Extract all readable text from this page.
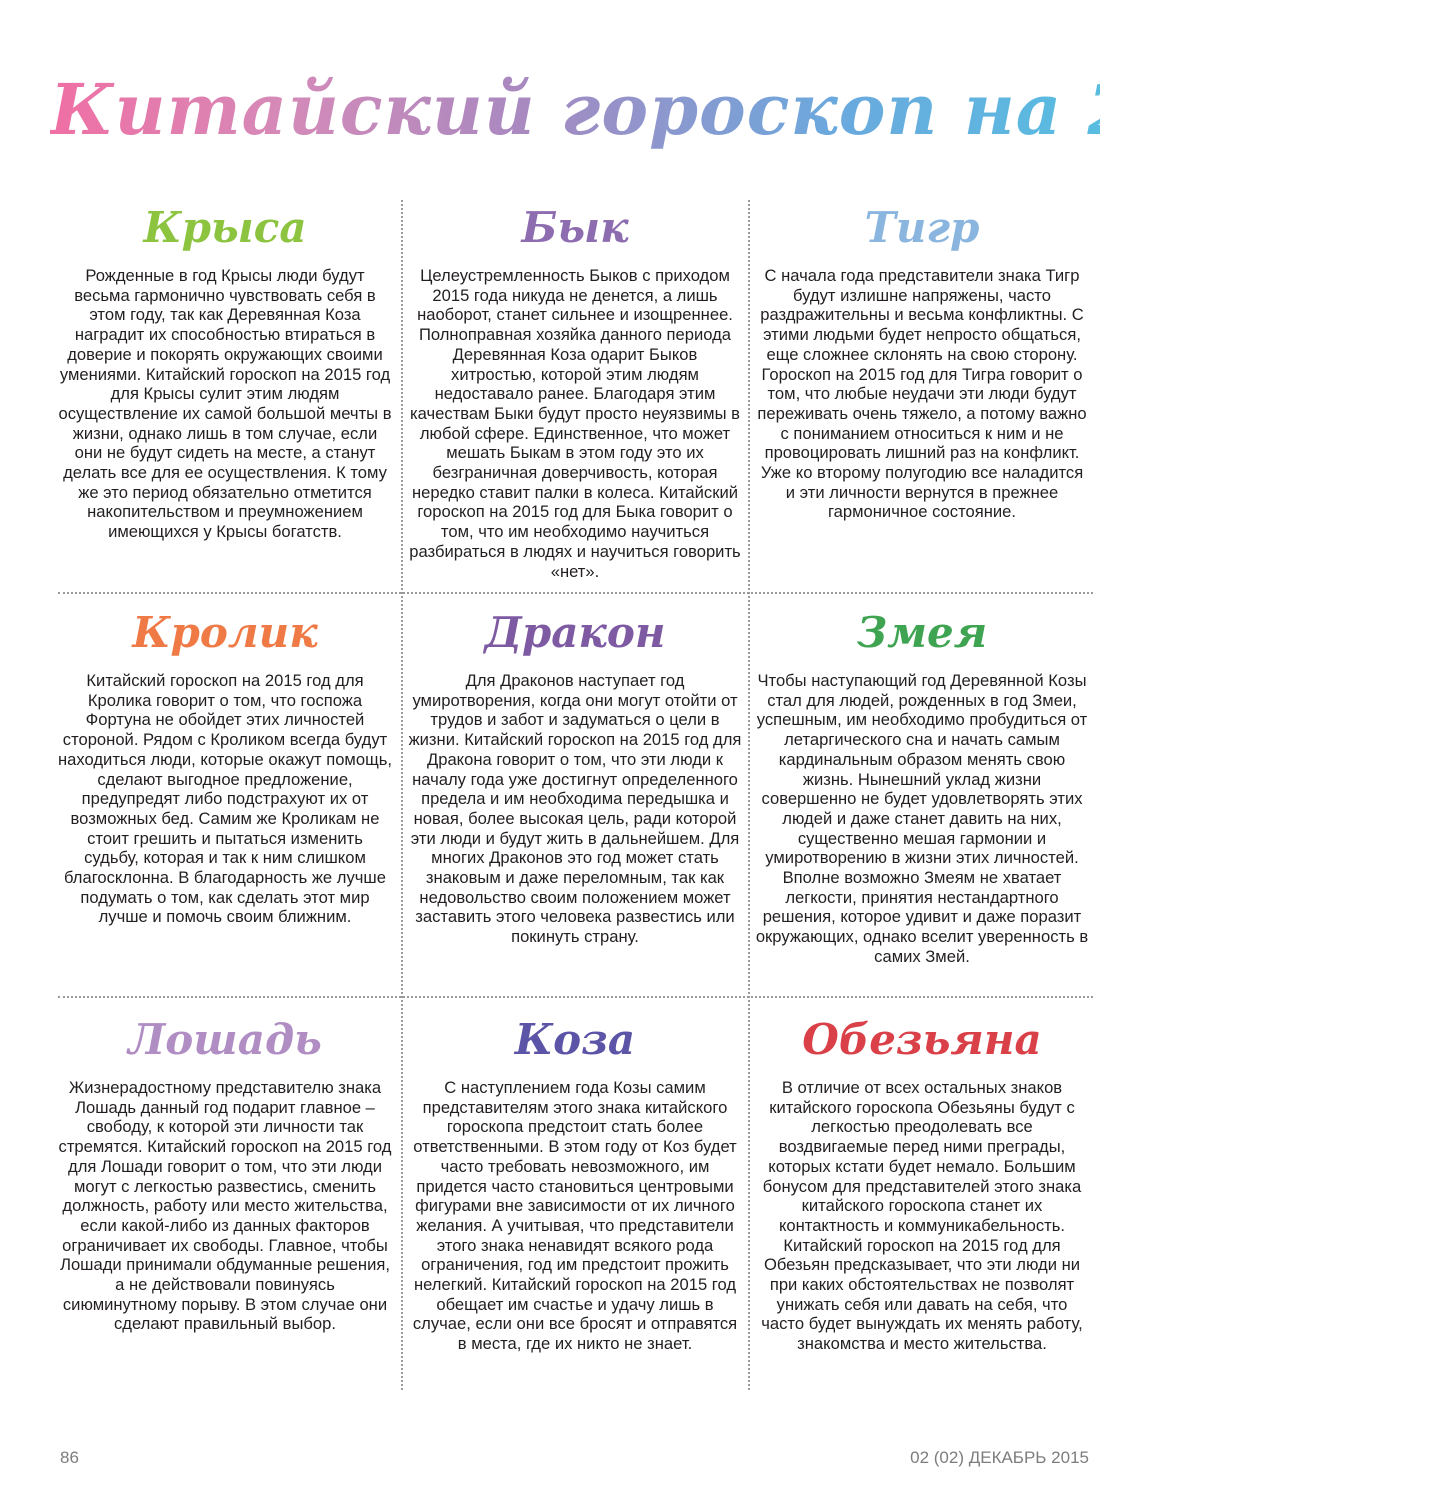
Китайский гороскоп на 2015 год
Крыса
Рожденные в год Крысы люди будут весьма гармонично чувствовать себя в этом году, так как Деревянная Коза наградит их способностью втираться в доверие и покорять окружающих своими умениями. Китайский гороскоп на 2015 год для Крысы сулит этим людям осуществление их самой большой мечты в жизни, однако лишь в том случае, если они не будут сидеть на месте, а станут делать все для ее осуществления. К тому же это период обязательно отметится накопительством и преумножением имеющихся у Крысы богатств.
Бык
Целеустремленность Быков с приходом 2015 года никуда не денется, а лишь наоборот, станет сильнее и изощреннее. Полноправная хозяйка данного периода Деревянная Коза одарит Быков хитростью, которой этим людям недоставало ранее. Благодаря этим качествам Быки будут просто неуязвимы в любой сфере. Единственное, что может мешать Быкам в этом году это их безграничная доверчивость, которая нередко ставит палки в колеса. Китайский гороскоп на 2015 год для Быка говорит о том, что им необходимо научиться разбираться в людях и научиться говорить «нет».
Тигр
С начала года представители знака Тигр будут излишне напряжены, часто раздражительны и весьма конфликтны. С этими людьми будет непросто общаться, еще сложнее склонять на свою сторону. Гороскоп на 2015 год для Тигра говорит о том, что любые неудачи эти люди будут переживать очень тяжело, а потому важно с пониманием относиться к ним и не провоцировать лишний раз на конфликт. Уже ко второму полугодию все наладится и эти личности вернутся в прежнее гармоничное состояние.
Кролик
Китайский гороскоп на 2015 год для Кролика говорит о том, что госпожа Фортуна не обойдет этих личностей стороной. Рядом с Кроликом всегда будут находиться люди, которые окажут помощь, сделают выгодное предложение, предупредят либо подстрахуют их от возможных бед. Самим же Кроликам не стоит грешить и пытаться изменить судьбу, которая и так к ним слишком благосклонна. В благодарность же лучше подумать о том, как сделать этот мир лучше и помочь своим ближним.
Дракон
Для Драконов наступает год умиротворения, когда они могут отойти от трудов и забот и задуматься о цели в жизни. Китайский гороскоп на 2015 год для Дракона говорит о том, что эти люди к началу года уже достигнут определенного предела и им необходима передышка и новая, более высокая цель, ради которой эти люди и будут жить в дальнейшем. Для многих Драконов это год может стать знаковым и даже переломным, так как недовольство своим положением может заставить этого человека развестись или покинуть страну.
Змея
Чтобы наступающий год Деревянной Козы стал для людей, рожденных в год Змеи, успешным, им необходимо пробудиться от летаргического сна и начать самым кардинальным образом менять свою жизнь. Нынешний уклад жизни совершенно не будет удовлетворять этих людей и даже станет давить на них, существенно мешая гармонии и умиротворению в жизни этих личностей. Вполне возможно Змеям не хватает легкости, принятия нестандартного решения, которое удивит и даже поразит окружающих, однако вселит уверенность в самих Змей.
Лошадь
Жизнерадостному представителю знака Лошадь данный год подарит главное – свободу, к которой эти личности так стремятся. Китайский гороскоп на 2015 год для Лошади говорит о том, что эти люди могут с легкостью развестись, сменить должность, работу или место жительства, если какой-либо из данных факторов ограничивает их свободы. Главное, чтобы Лошади принимали обдуманные решения, а не действовали повинуясь сиюминутному порыву. В этом случае они сделают правильный выбор.
Коза
С наступлением года Козы самим представителям этого знака китайского гороскопа предстоит стать более ответственными. В этом году от Коз будет часто требовать невозможного, им придется часто становиться центровыми фигурами вне зависимости от их личного желания. А учитывая, что представители этого знака ненавидят всякого рода ограничения, год им предстоит прожить нелегкий. Китайский гороскоп на 2015 год обещает им счастье и удачу лишь в случае, если они все бросят и отправятся в места, где их никто не знает.
Обезьяна
В отличие от всех остальных знаков китайского гороскопа Обезьяны будут с легкостью преодолевать все воздвигаемые перед ними преграды, которых кстати будет немало. Большим бонусом для представителей этого знака китайского гороскопа станет их контактность и коммуникабельность. Китайский гороскоп на 2015 год для Обезьян предсказывает, что эти люди ни при каких обстоятельствах не позволят унижать себя или давать на себя, что часто будет вынуждать их менять работу, знакомства и место жительства.
86	02 (02) ДЕКАБРЬ 2015
